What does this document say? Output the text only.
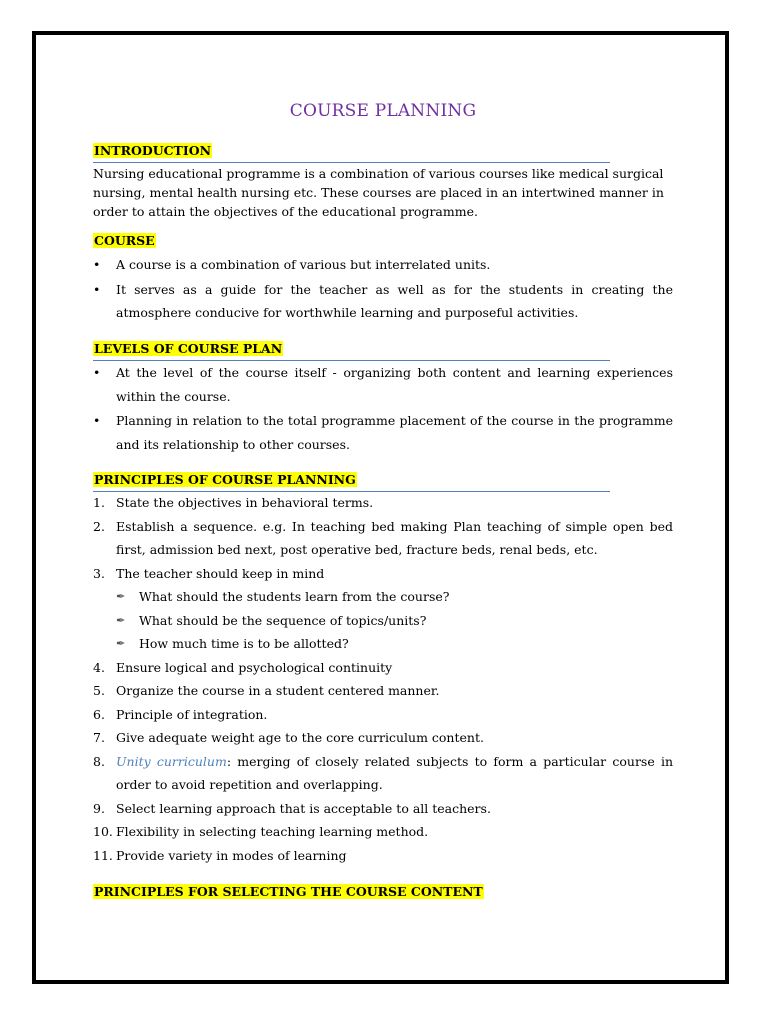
COURSE PLANNING
INTRODUCTION
Nursing educational programme is a combination of various courses like medical surgical nursing, mental health nursing etc. These courses are placed in an intertwined manner in order to attain the objectives of the educational programme.
COURSE
• A course is a combination of various but interrelated units.
• It serves as a guide for the teacher as well as for the students in creating the atmosphere conducive for worthwhile learning and purposeful activities.
LEVELS OF COURSE PLAN
• At the level of the course itself - organizing both content and learning experiences within the course.
• Planning in relation to the total programme placement of the course in the programme and its relationship to other courses.
PRINCIPLES OF COURSE PLANNING
1. State the objectives in behavioral terms.
2. Establish a sequence. e.g. In teaching bed making Plan teaching of simple open bed first, admission bed next, post operative bed, fracture beds, renal beds, etc.
3. The teacher should keep in mind
✒ What should the students learn from the course?
✒ What should be the sequence of topics/units?
✒ How much time is to be allotted?
4. Ensure logical and psychological continuity
5. Organize the course in a student centered manner.
6. Principle of integration.
7. Give adequate weight age to the core curriculum content.
8. Unity curriculum: merging of closely related subjects to form a particular course in order to avoid repetition and overlapping.
9. Select learning approach that is acceptable to all teachers.
10. Flexibility in selecting teaching learning method.
11. Provide variety in modes of learning
PRINCIPLES FOR SELECTING THE COURSE CONTENT
